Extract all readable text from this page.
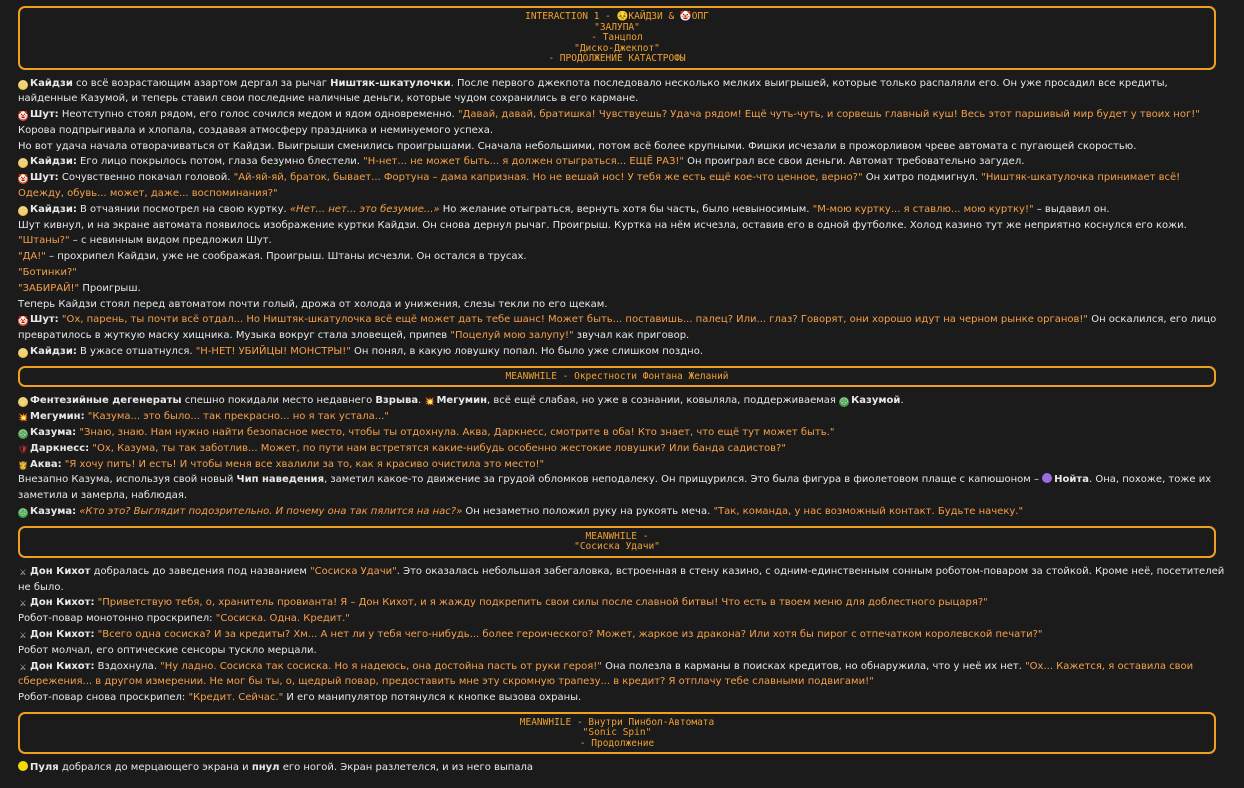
INTERACTION 1 - 😣КАЙДЗИ & 🤡ОПГ
"ЗАЛУПА"
- Танцпол
"Диско-Джекпот"
- ПРОДОЛЖЕНИЕ КАТАСТРОФЫ

😣 Кайдзи со всё возрастающим азартом дергал за рычаг Ништяк-шкатулочки. После первого джекпота последовало несколько мелких выигрышей, которые только распаляли его. Он уже просадил все кредиты, найденные Казумой, и теперь ставил свои последние наличные деньги, которые чудом сохранились в его кармане.

🤡 Шут: Неотступно стоял рядом, его голос сочился медом и ядом одновременно. "Давай, давай, братишка! Чувствуешь? Удача рядом! Ещё чуть-чуть, и сорвешь главный куш! Весь этот паршивый мир будет у твоих ног!" Корова подпрыгивала и хлопала, создавая атмосферу праздника и неминуемого успеха.

Но вот удача начала отворачиваться от Кайдзи. Выигрыши сменились проигрышами. Сначала небольшими, потом всё более крупными. Фишки исчезали в прожорливом чреве автомата с пугающей скоростью.

😣 Кайдзи: Его лицо покрылось потом, глаза безумно блестели. "Н-нет... не может быть... я должен отыграться... ЕЩЁ РАЗ!" Он проиграл все свои деньги. Автомат требовательно загудел.

🤡 Шут: Сочувственно покачал головой. "Ай-яй-яй, браток, бывает... Фортуна – дама капризная. Но не вешай нос! У тебя же есть ещё кое-что ценное, верно?" Он хитро подмигнул. "Ништяк-шкатулочка принимает всё! Одежду, обувь... может, даже... воспоминания?"

😣 Кайдзи: В отчаянии посмотрел на свою куртку. «Нет... нет... это безумие...» Но желание отыграться, вернуть хотя бы часть, было невыносимым. "М-мою куртку... я ставлю... мою куртку!" – выдавил он.

Шут кивнул, и на экране автомата появилось изображение куртки Кайдзи. Он снова дернул рычаг. Проигрыш. Куртка на нём исчезла, оставив его в одной футболке. Холод казино тут же неприятно коснулся его кожи.

"Штаны?" – с невинным видом предложил Шут.

"ДА!" – прохрипел Кайдзи, уже не соображая. Проигрыш. Штаны исчезли. Он остался в трусах.

"Ботинки?"

"ЗАБИРАЙ!" Проигрыш.

Теперь Кайдзи стоял перед автоматом почти голый, дрожа от холода и унижения, слезы текли по его щекам.

🤡 Шут: "Ох, парень, ты почти всё отдал... Но Ништяк-шкатулочка всё ещё может дать тебе шанс! Может быть... поставишь... палец? Или... глаз? Говорят, они хорошо идут на черном рынке органов!" Он оскалился, его лицо превратилось в жуткую маску хищника. Музыка вокруг стала зловещей, припев "Поцелуй мою залупу!" звучал как приговор.

😣 Кайдзи: В ужасе отшатнулся. "Н-НЕТ! УБИЙЦЫ! МОНСТРЫ!" Он понял, в какую ловушку попал. Но было уже слишком поздно.

MEANWHILE - Окрестности Фонтана Желаний

😜 Фентезийные дегенераты спешно покидали место недавнего Взрыва. 💥 Мегумин, всё ещё слабая, но уже в сознании, ковыляла, поддерживаемая ☹ Казумой.

💥 Мегумин: "Казума... это было... так прекрасно... но я так устала..."

☹ Казума: "Знаю, знаю. Нам нужно найти безопасное место, чтобы ты отдохнула. Аква, Даркнесс, смотрите в оба! Кто знает, что ещё тут может быть."

🛡 Даркнесс: "Ох, Казума, ты так заботлив... Может, по пути нам встретятся какие-нибудь особенно жестокие ловушки? Или банда садистов?"

👸 Аква: "Я хочу пить! И есть! И чтобы меня все хвалили за то, как я красиво очистила это место!"

Внезапно Казума, используя свой новый Чип наведения, заметил какое-то движение за грудой обломков неподалеку. Он прищурился. Это была фигура в фиолетовом плаще с капюшоном – Нойта. Она, похоже, тоже их заметила и замерла, наблюдая.

☹ Казума: «Кто это? Выглядит подозрительно. И почему она так пялится на нас?» Он незаметно положил руку на рукоять меча. "Так, команда, у нас возможный контакт. Будьте начеку."

MEANWHILE -
"Сосиска Удачи"

⚔ Дон Кихот добралась до заведения под названием "Сосиска Удачи". Это оказалась небольшая забегаловка, встроенная в стену казино, с одним-единственным сонным роботом-поваром за стойкой. Кроме неё, посетителей не было.

⚔ Дон Кихот: "Приветствую тебя, о, хранитель провианта! Я – Дон Кихот, и я жажду подкрепить свои силы после славной битвы! Что есть в твоем меню для доблестного рыцаря?"

Робот-повар монотонно проскрипел: "Сосиска. Одна. Кредит."

⚔ Дон Кихот: "Всего одна сосиска? И за кредиты? Хм... А нет ли у тебя чего-нибудь... более героического? Может, жаркое из дракона? Или хотя бы пирог с отпечатком королевской печати?"

Робот молчал, его оптические сенсоры тускло мерцали.

⚔ Дон Кихот: Вздохнула. "Ну ладно. Сосиска так сосиска. Но я надеюсь, она достойна пасть от руки героя!" Она полезла в карманы в поисках кредитов, но обнаружила, что у неё их нет. "Ох... Кажется, я оставила свои сбережения... в другом измерении. Не мог бы ты, о, щедрый повар, предоставить мне эту скромную трапезу... в кредит? Я отплачу тебе славными подвигами!"

Робот-повар снова проскрипел: "Кредит. Сейчас." И его манипулятор потянулся к кнопке вызова охраны.

MEANWHILE - Внутри Пинбол-Автомата
"Sonic Spin"
- Продолжение

Пуля добрался до мерцающего экрана и пнул его ногой. Экран разлетелся, и из него выпала
